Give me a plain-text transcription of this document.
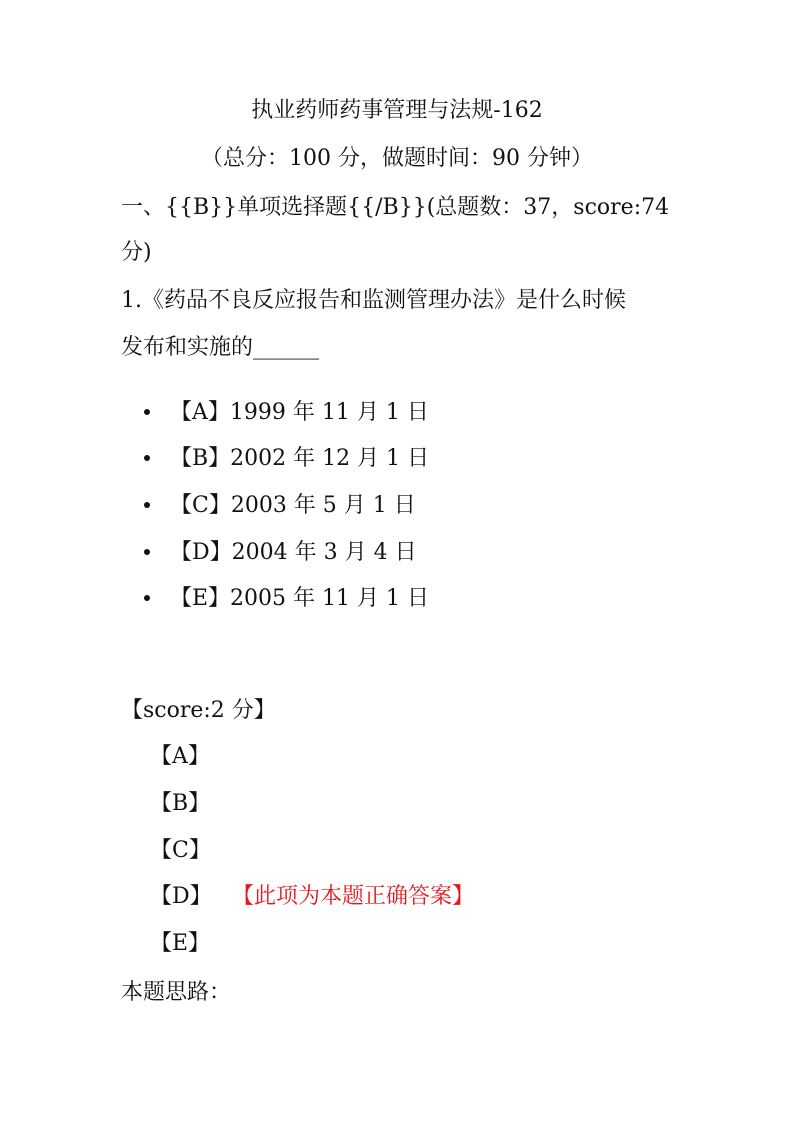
执业药师药事管理与法规-162
（总分：100 分，做题时间：90 分钟）
一、{{B}}单项选择题{{/B}}(总题数：37，score:74
分)
1.《药品不良反应报告和监测管理办法》是什么时候
发布和实施的______
【A】1999 年 11 月 1 日
【B】2002 年 12 月 1 日
【C】2003 年 5 月 1 日
【D】2004 年 3 月 4 日
【E】2005 年 11 月 1 日
【score:2 分】
【A】
【B】
【C】
【D】 【此项为本题正确答案】
【E】
本题思路：
